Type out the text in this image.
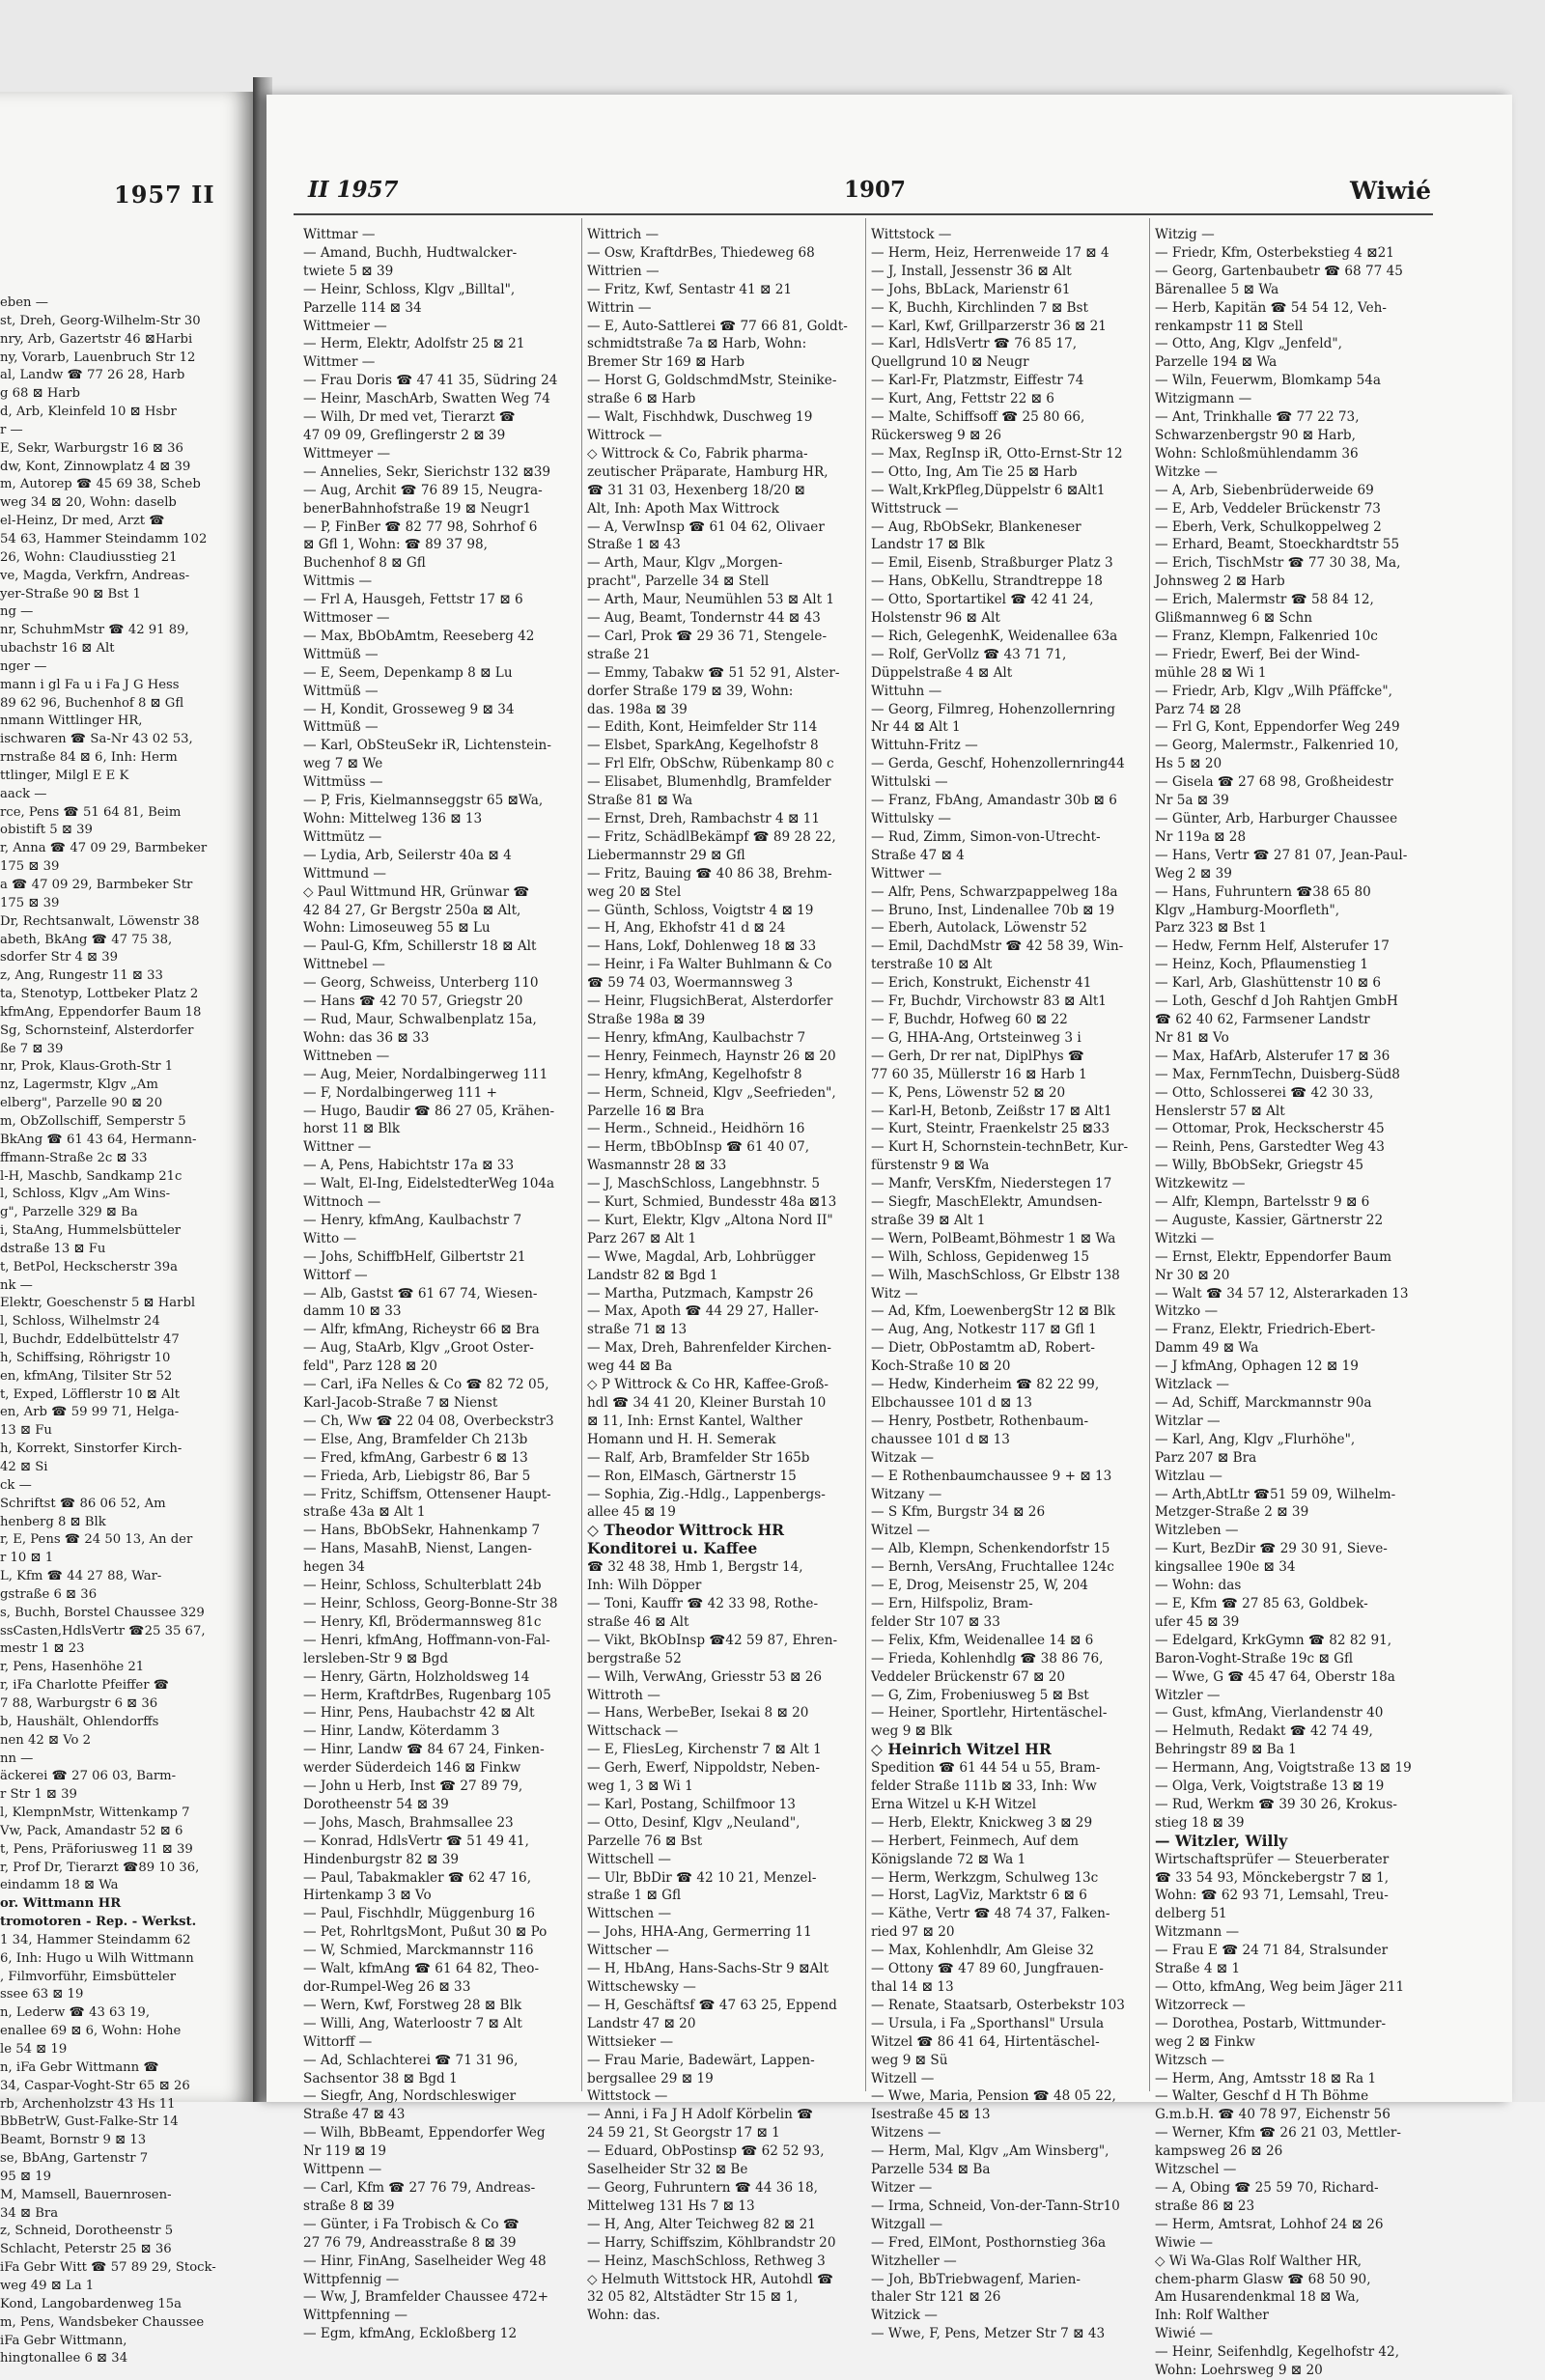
1957 II
eben —
st, Dreh, Georg-Wilhelm-Str 30
nry, Arb, Gazertstr 46 ⊠Harbi
ny, Vorarb, Lauenbruch Str 12
al, Landw ☎ 77 26 28, Harb
g 68 ⊠ Harb
d, Arb, Kleinfeld 10 ⊠ Hsbr
r —
E, Sekr, Warburgstr 16 ⊠ 36
dw, Kont, Zinnowplatz 4 ⊠ 39
m, Autorep ☎ 45 69 38, Scheb
weg 34 ⊠ 20, Wohn: daselb
el-Heinz, Dr med, Arzt ☎
54 63, Hammer Steindamm 102
26, Wohn: Claudiusstieg 21
ve, Magda, Verkfrn, Andreas-
yer-Straße 90 ⊠ Bst 1
ng —
nr, SchuhmMstr ☎ 42 91 89,
ubachstr 16 ⊠ Alt
nger —
mann i gl Fa u i Fa J G Hess
89 62 96, Buchenhof 8 ⊠ Gfl
nmann Wittlinger HR,
ischwaren ☎ Sa-Nr 43 02 53,
rnstraße 84 ⊠ 6, Inh: Herm
ttlinger, Milgl E E K
aack —
rce, Pens ☎ 51 64 81, Beim
obistift 5 ⊠ 39
r, Anna ☎ 47 09 29, Barmbeker
175 ⊠ 39
a ☎ 47 09 29, Barmbeker Str
175 ⊠ 39
Dr, Rechtsanwalt, Löwenstr 38
abeth, BkAng ☎ 47 75 38,
sdorfer Str 4 ⊠ 39
z, Ang, Rungestr 11 ⊠ 33
ta, Stenotyp, Lottbeker Platz 2
kfmAng, Eppendorfer Baum 18
Sg, Schornsteinf, Alsterdorfer
ße 7 ⊠ 39
nr, Prok, Klaus-Groth-Str 1
nz, Lagermstr, Klgv „Am
elberg", Parzelle 90 ⊠ 20
m, ObZollschiff, Semperstr 5
BkAng ☎ 61 43 64, Hermann-
ffmann-Straße 2c ⊠ 33
l-H, Maschb, Sandkamp 21c
l, Schloss, Klgv „Am Wins-
g", Parzelle 329 ⊠ Ba
i, StaAng, Hummelsbütteler
dstraße 13 ⊠ Fu
t, BetPol, Heckscherstr 39a
nk —
Elektr, Goeschenstr 5 ⊠ Harbl
l, Schloss, Wilhelmstr 24
l, Buchdr, Eddelbüttelstr 47
h, Schiffsing, Röhrigstr 10
en, kfmAng, Tilsiter Str 52
t, Exped, Löfflerstr 10 ⊠ Alt
en, Arb ☎ 59 99 71, Helga-
13 ⊠ Fu
h, Korrekt, Sinstorfer Kirch-
42 ⊠ Si
ck —
Schriftst ☎ 86 06 52, Am
henberg 8 ⊠ Blk
r, E, Pens ☎ 24 50 13, An der
r 10 ⊠ 1
L, Kfm ☎ 44 27 88, War-
gstraße 6 ⊠ 36
s, Buchh, Borstel Chaussee 329
ssCasten,HdlsVertr ☎25 35 67,
mestr 1 ⊠ 23
r, Pens, Hasenhöhe 21
r, iFa Charlotte Pfeiffer ☎
7 88, Warburgstr 6 ⊠ 36
b, Haushält, Ohlendorffs
nen 42 ⊠ Vo 2
nn —
äckerei ☎ 27 06 03, Barm-
r Str 1 ⊠ 39
l, KlempnMstr, Wittenkamp 7
Vw, Pack, Amandastr 52 ⊠ 6
t, Pens, Präforiusweg 11 ⊠ 39
r, Prof Dr, Tierarzt ☎89 10 36,
eindamm 18 ⊠ Wa
or. Wittmann HR
tromotoren - Rep. - Werkst.
1 34, Hammer Steindamm 62
6, Inh: Hugo u Wilh Wittmann
, Filmvorführ, Eimsbütteler
ssee 63 ⊠ 19
n, Lederw ☎ 43 63 19,
enallee 69 ⊠ 6, Wohn: Hohe
le 54 ⊠ 19
n, iFa Gebr Wittmann ☎
34, Caspar-Voght-Str 65 ⊠ 26
rb, Archenholzstr 43 Hs 11
BbBetrW, Gust-Falke-Str 14
Beamt, Bornstr 9 ⊠ 13
se, BbAng, Gartenstr 7
95 ⊠ 19
M, Mamsell, Bauernrosen-
34 ⊠ Bra
z, Schneid, Dorotheenstr 5
Schlacht, Peterstr 25 ⊠ 36
iFa Gebr Witt ☎ 57 89 29, Stock-
weg 49 ⊠ La 1
Kond, Langobardenweg 15a
m, Pens, Wandsbeker Chaussee
iFa Gebr Wittmann,
hingtonallee 6 ⊠ 34
II 1957	1907	Wiwié
Wittmar —
— Amand, Buchh, Hudtwalcker-
twiete 5 ⊠ 39
— Heinr, Schloss, Klgv „Billtal",
Parzelle 114 ⊠ 34
Wittmeier —
— Herm, Elektr, Adolfstr 25 ⊠ 21
Wittmer —
— Frau Doris ☎ 47 41 35, Südring 24
— Heinr, MaschArb, Swatten Weg 74
— Wilh, Dr med vet, Tierarzt ☎
47 09 09, Greflingerstr 2 ⊠ 39
Wittmeyer —
— Annelies, Sekr, Sierichstr 132 ⊠39
— Aug, Archit ☎ 76 89 15, Neugra-
benerBahnhofstraße 19 ⊠ Neugr1
— P, FinBer ☎ 82 77 98, Sohrhof 6
⊠ Gfl 1, Wohn: ☎ 89 37 98,
Buchenhof 8 ⊠ Gfl
Wittmis —
— Frl A, Hausgeh, Fettstr 17 ⊠ 6
Wittmoser —
— Max, BbObAmtm, Reeseberg 42
Wittmüß —
— E, Seem, Depenkamp 8 ⊠ Lu
Wittmüß —
— H, Kondit, Grosseweg 9 ⊠ 34
Wittmüß —
— Karl, ObSteuSekr iR, Lichtenstein-
weg 7 ⊠ We
Wittmüss —
— P, Fris, Kielmannseggstr 65 ⊠Wa,
Wohn: Mittelweg 136 ⊠ 13
Wittmütz —
— Lydia, Arb, Seilerstr 40a ⊠ 4
Wittmund —
◇ Paul Wittmund HR, Grünwar ☎
42 84 27, Gr Bergstr 250a ⊠ Alt,
Wohn: Limoseuweg 55 ⊠ Lu
— Paul-G, Kfm, Schillerstr 18 ⊠ Alt
Wittnebel —
— Georg, Schweiss, Unterberg 110
— Hans ☎ 42 70 57, Griegstr 20
— Rud, Maur, Schwalbenplatz 15a,
Wohn: das 36 ⊠ 33
Wittneben —
— Aug, Meier, Nordalbingerweg 111
— F, Nordalbingerweg 111 +
— Hugo, Baudir ☎ 86 27 05, Krähen-
horst 11 ⊠ Blk
Wittner —
— A, Pens, Habichtstr 17a ⊠ 33
— Walt, El-Ing, EidelstedterWeg 104a
Wittnoch —
— Henry, kfmAng, Kaulbachstr 7
Witto —
— Johs, SchiffbHelf, Gilbertstr 21
Wittorf —
— Alb, Gastst ☎ 61 67 74, Wiesen-
damm 10 ⊠ 33
— Alfr, kfmAng, Richeystr 66 ⊠ Bra
— Aug, StaArb, Klgv „Groot Oster-
feld", Parz 128 ⊠ 20
— Carl, iFa Nelles & Co ☎ 82 72 05,
Karl-Jacob-Straße 7 ⊠ Nienst
— Ch, Ww ☎ 22 04 08, Overbeckstr3
— Else, Ang, Bramfelder Ch 213b
— Fred, kfmAng, Garbestr 6 ⊠ 13
— Frieda, Arb, Liebigstr 86, Bar 5
— Fritz, Schiffsm, Ottensener Haupt-
straße 43a ⊠ Alt 1
— Hans, BbObSekr, Hahnenkamp 7
— Hans, MasahB, Nienst, Langen-
hegen 34
— Heinr, Schloss, Schulterblatt 24b
— Heinr, Schloss, Georg-Bonne-Str 38
— Henry, Kfl, Brödermannsweg 81c
— Henri, kfmAng, Hoffmann-von-Fal-
lersleben-Str 9 ⊠ Bgd
— Henry, Gärtn, Holzholdsweg 14
— Herm, KraftdrBes, Rugenbarg 105
— Hinr, Pens, Haubachstr 42 ⊠ Alt
— Hinr, Landw, Köterdamm 3
— Hinr, Landw ☎ 84 67 24, Finken-
werder Süderdeich 146 ⊠ Finkw
— John u Herb, Inst ☎ 27 89 79,
Dorotheenstr 54 ⊠ 39
— Johs, Masch, Brahmsallee 23
— Konrad, HdlsVertr ☎ 51 49 41,
Hindenburgstr 82 ⊠ 39
— Paul, Tabakmakler ☎ 62 47 16,
Hirtenkamp 3 ⊠ Vo
— Paul, Fischhdlr, Müggenburg 16
— Pet, RohrltgsMont, Pußut 30 ⊠ Po
— W, Schmied, Marckmannstr 116
— Walt, kfmAng ☎ 61 64 82, Theo-
dor-Rumpel-Weg 26 ⊠ 33
— Wern, Kwf, Forstweg 28 ⊠ Blk
— Willi, Ang, Waterloostr 7 ⊠ Alt
Wittorff —
— Ad, Schlachterei ☎ 71 31 96,
Sachsentor 38 ⊠ Bgd 1
— Siegfr, Ang, Nordschleswiger
Straße 47 ⊠ 43
— Wilh, BbBeamt, Eppendorfer Weg
Nr 119 ⊠ 19
Wittpenn —
— Carl, Kfm ☎ 27 76 79, Andreas-
straße 8 ⊠ 39
— Günter, i Fa Trobisch & Co ☎
27 76 79, Andreasstraße 8 ⊠ 39
— Hinr, FinAng, Saselheider Weg 48
Wittpfennig —
— Ww, J, Bramfelder Chaussee 472+
Wittpfenning —
— Egm, kfmAng, Eckloßberg 12
Wittrich —
— Osw, KraftdrBes, Thiedeweg 68
Wittrien —
— Fritz, Kwf, Sentastr 41 ⊠ 21
Wittrin —
— E, Auto-Sattlerei ☎ 77 66 81, Goldt-
schmidtstraße 7a ⊠ Harb, Wohn:
Bremer Str 169 ⊠ Harb
— Horst G, GoldschmdMstr, Steinike-
straße 6 ⊠ Harb
— Walt, Fischhdwk, Duschweg 19
Wittrock —
◇ Wittrock & Co, Fabrik pharma-
zeutischer Präparate, Hamburg HR,
☎ 31 31 03, Hexenberg 18/20 ⊠
Alt, Inh: Apoth Max Wittrock
— A, VerwInsp ☎ 61 04 62, Olivaer
Straße 1 ⊠ 43
— Arth, Maur, Klgv „Morgen-
pracht", Parzelle 34 ⊠ Stell
— Arth, Maur, Neumühlen 53 ⊠ Alt 1
— Aug, Beamt, Tondernstr 44 ⊠ 43
— Carl, Prok ☎ 29 36 71, Stengele-
straße 21
— Emmy, Tabakw ☎ 51 52 91, Alster-
dorfer Straße 179 ⊠ 39, Wohn:
das. 198a ⊠ 39
— Edith, Kont, Heimfelder Str 114
— Elsbet, SparkAng, Kegelhofstr 8
— Frl Elfr, ObSchw, Rübenkamp 80 c
— Elisabet, Blumenhdlg, Bramfelder
Straße 81 ⊠ Wa
— Ernst, Dreh, Rambachstr 4 ⊠ 11
— Fritz, SchädlBekämpf ☎ 89 28 22,
Liebermannstr 29 ⊠ Gfl
— Fritz, Bauing ☎ 40 86 38, Brehm-
weg 20 ⊠ Stel
— Günth, Schloss, Voigtstr 4 ⊠ 19
— H, Ang, Ekhofstr 41 d ⊠ 24
— Hans, Lokf, Dohlenweg 18 ⊠ 33
— Heinr, i Fa Walter Buhlmann & Co
☎ 59 74 03, Woermannsweg 3
— Heinr, FlugsichBerat, Alsterdorfer
Straße 198a ⊠ 39
— Henry, kfmAng, Kaulbachstr 7
— Henry, Feinmech, Haynstr 26 ⊠ 20
— Henry, kfmAng, Kegelhofstr 8
— Herm, Schneid, Klgv „Seefrieden",
Parzelle 16 ⊠ Bra
— Herm., Schneid., Heidhörn 16
— Herm, tBbObInsp ☎ 61 40 07,
Wasmannstr 28 ⊠ 33
— J, MaschSchloss, Langebhnstr. 5
— Kurt, Schmied, Bundesstr 48a ⊠13
— Kurt, Elektr, Klgv „Altona Nord II"
Parz 267 ⊠ Alt 1
— Wwe, Magdal, Arb, Lohbrügger
Landstr 82 ⊠ Bgd 1
— Martha, Putzmach, Kampstr 26
— Max, Apoth ☎ 44 29 27, Haller-
straße 71 ⊠ 13
— Max, Dreh, Bahrenfelder Kirchen-
weg 44 ⊠ Ba
◇ P Wittrock & Co HR, Kaffee-Groß-
hdl ☎ 34 41 20, Kleiner Burstah 10
⊠ 11, Inh: Ernst Kantel, Walther
Homann und H. H. Semerak
— Ralf, Arb, Bramfelder Str 165b
— Ron, ElMasch, Gärtnerstr 15
— Sophia, Zig.-Hdlg., Lappenbergs-
allee 45 ⊠ 19
◇ Theodor Wittrock HR
Konditorei u. Kaffee
☎ 32 48 38, Hmb 1, Bergstr 14,
Inh: Wilh Döpper
— Toni, Kauffr ☎ 42 33 98, Rothe-
straße 46 ⊠ Alt
— Vikt, BkObInsp ☎42 59 87, Ehren-
bergstraße 52
— Wilh, VerwAng, Griesstr 53 ⊠ 26
Wittroth —
— Hans, WerbeBer, Isekai 8 ⊠ 20
Wittschack —
— E, FliesLeg, Kirchenstr 7 ⊠ Alt 1
— Gerh, Ewerf, Nippoldstr, Neben-
weg 1, 3 ⊠ Wi 1
— Karl, Postang, Schilfmoor 13
— Otto, Desinf, Klgv „Neuland",
Parzelle 76 ⊠ Bst
Wittschell —
— Ulr, BbDir ☎ 42 10 21, Menzel-
straße 1 ⊠ Gfl
Wittschen —
— Johs, HHA-Ang, Germerring 11
Wittscher —
— H, HbAng, Hans-Sachs-Str 9 ⊠Alt
Wittschewsky —
— H, Geschäftsf ☎ 47 63 25, Eppend
Landstr 47 ⊠ 20
Wittsieker —
— Frau Marie, Badewärt, Lappen-
bergsallee 29 ⊠ 19
Wittstock —
— Anni, i Fa J H Adolf Körbelin ☎
24 59 21, St Georgstr 17 ⊠ 1
— Eduard, ObPostinsp ☎ 62 52 93,
Saselheider Str 32 ⊠ Be
— Georg, Fuhruntern ☎ 44 36 18,
Mittelweg 131 Hs 7 ⊠ 13
— H, Ang, Alter Teichweg 82 ⊠ 21
— Harry, Schiffszim, Köhlbrandstr 20
— Heinz, MaschSchloss, Rethweg 3
◇ Helmuth Wittstock HR, Autohdl ☎
32 05 82, Altstädter Str 15 ⊠ 1,
Wohn: das.
Wittstock —
— Herm, Heiz, Herrenweide 17 ⊠ 4
— J, Install, Jessenstr 36 ⊠ Alt
— Johs, BbLack, Marienstr 61
— K, Buchh, Kirchlinden 7 ⊠ Bst
— Karl, Kwf, Grillparzerstr 36 ⊠ 21
— Karl, HdlsVertr ☎ 76 85 17,
Quellgrund 10 ⊠ Neugr
— Karl-Fr, Platzmstr, Eiffestr 74
— Kurt, Ang, Fettstr 22 ⊠ 6
— Malte, Schiffsoff ☎ 25 80 66,
Rückersweg 9 ⊠ 26
— Max, RegInsp iR, Otto-Ernst-Str 12
— Otto, Ing, Am Tie 25 ⊠ Harb
— Walt,KrkPfleg,Düppelstr 6 ⊠Alt1
Wittstruck —
— Aug, RbObSekr, Blankeneser
Landstr 17 ⊠ Blk
— Emil, Eisenb, Straßburger Platz 3
— Hans, ObKellu, Strandtreppe 18
— Otto, Sportartikel ☎ 42 41 24,
Holstenstr 96 ⊠ Alt
— Rich, GelegenhK, Weidenallee 63a
— Rolf, GerVollz ☎ 43 71 71,
Düppelstraße 4 ⊠ Alt
Wittuhn —
— Georg, Filmreg, Hohenzollernring
Nr 44 ⊠ Alt 1
Wittuhn-Fritz —
— Gerda, Geschf, Hohenzollernring44
Wittulski —
— Franz, FbAng, Amandastr 30b ⊠ 6
Wittulsky —
— Rud, Zimm, Simon-von-Utrecht-
Straße 47 ⊠ 4
Wittwer —
— Alfr, Pens, Schwarzpappelweg 18a
— Bruno, Inst, Lindenallee 70b ⊠ 19
— Eberh, Autolack, Löwenstr 52
— Emil, DachdMstr ☎ 42 58 39, Win-
terstraße 10 ⊠ Alt
— Erich, Konstrukt, Eichenstr 41
— Fr, Buchdr, Virchowstr 83 ⊠ Alt1
— F, Buchdr, Hofweg 60 ⊠ 22
— G, HHA-Ang, Ortsteinweg 3 i
— Gerh, Dr rer nat, DiplPhys ☎
77 60 35, Müllerstr 16 ⊠ Harb 1
— K, Pens, Löwenstr 52 ⊠ 20
— Karl-H, Betonb, Zeißstr 17 ⊠ Alt1
— Kurt, Steintr, Fraenkelstr 25 ⊠33
— Kurt H, Schornstein-technBetr, Kur-
fürstenstr 9 ⊠ Wa
— Manfr, VersKfm, Niederstegen 17
— Siegfr, MaschElektr, Amundsen-
straße 39 ⊠ Alt 1
— Wern, PolBeamt,Böhmestr 1 ⊠ Wa
— Wilh, Schloss, Gepidenweg 15
— Wilh, MaschSchloss, Gr Elbstr 138
Witz —
— Ad, Kfm, LoewenbergStr 12 ⊠ Blk
— Aug, Ang, Notkestr 117 ⊠ Gfl 1
— Dietr, ObPostamtm aD, Robert-
Koch-Straße 10 ⊠ 20
— Hedw, Kinderheim ☎ 82 22 99,
Elbchaussee 101 d ⊠ 13
— Henry, Postbetr, Rothenbaum-
chaussee 101 d ⊠ 13
Witzak —
— E Rothenbaumchaussee 9 + ⊠ 13
Witzany —
— S Kfm, Burgstr 34 ⊠ 26
Witzel —
— Alb, Klempn, Schenkendorfstr 15
— Bernh, VersAng, Fruchtallee 124c
— E, Drog, Meisenstr 25, W, 204
— Ern, Hilfspoliz, Bram-
felder Str 107 ⊠ 33
— Felix, Kfm, Weidenallee 14 ⊠ 6
— Frieda, Kohlenhdlg ☎ 38 86 76,
Veddeler Brückenstr 67 ⊠ 20
— G, Zim, Frobeniusweg 5 ⊠ Bst
— Heiner, Sportlehr, Hirtentäschel-
weg 9 ⊠ Blk
◇ Heinrich Witzel HR
Spedition ☎ 61 44 54 u 55, Bram-
felder Straße 111b ⊠ 33, Inh: Ww
Erna Witzel u K-H Witzel
— Herb, Elektr, Knickweg 3 ⊠ 29
— Herbert, Feinmech, Auf dem
Königslande 72 ⊠ Wa 1
— Herm, Werkzgm, Schulweg 13c
— Horst, LagViz, Marktstr 6 ⊠ 6
— Käthe, Vertr ☎ 48 74 37, Falken-
ried 97 ⊠ 20
— Max, Kohlenhdlr, Am Gleise 32
— Ottony ☎ 47 89 60, Jungfrauen-
thal 14 ⊠ 13
— Renate, Staatsarb, Osterbekstr 103
— Ursula, i Fa „Sporthansl" Ursula
Witzel ☎ 86 41 64, Hirtentäschel-
weg 9 ⊠ Sü
Witzell —
— Wwe, Maria, Pension ☎ 48 05 22,
Isestraße 45 ⊠ 13
Witzens —
— Herm, Mal, Klgv „Am Winsberg",
Parzelle 534 ⊠ Ba
Witzer —
— Irma, Schneid, Von-der-Tann-Str10
Witzgall —
— Fred, ElMont, Posthornstieg 36a
Witzheller —
— Joh, BbTriebwagenf, Marien-
thaler Str 121 ⊠ 26
Witzick —
— Wwe, F, Pens, Metzer Str 7 ⊠ 43
Witzig —
— Friedr, Kfm, Osterbekstieg 4 ⊠21
— Georg, Gartenbaubetr ☎ 68 77 45
Bärenallee 5 ⊠ Wa
— Herb, Kapitän ☎ 54 54 12, Veh-
renkampstr 11 ⊠ Stell
— Otto, Ang, Klgv „Jenfeld",
Parzelle 194 ⊠ Wa
— Wiln, Feuerwm, Blomkamp 54a
Witzigmann —
— Ant, Trinkhalle ☎ 77 22 73,
Schwarzenbergstr 90 ⊠ Harb,
Wohn: Schloßmühlendamm 36
Witzke —
— A, Arb, Siebenbrüderweide 69
— E, Arb, Veddeler Brückenstr 73
— Eberh, Verk, Schulkoppelweg 2
— Erhard, Beamt, Stoeckhardtstr 55
— Erich, TischMstr ☎ 77 30 38, Ma,
Johnsweg 2 ⊠ Harb
— Erich, Malermstr ☎ 58 84 12,
Glißmannweg 6 ⊠ Schn
— Franz, Klempn, Falkenried 10c
— Friedr, Ewerf, Bei der Wind-
mühle 28 ⊠ Wi 1
— Friedr, Arb, Klgv „Wilh Pfäffcke",
Parz 74 ⊠ 28
— Frl G, Kont, Eppendorfer Weg 249
— Georg, Malermstr., Falkenried 10,
Hs 5 ⊠ 20
— Gisela ☎ 27 68 98, Großheidestr
Nr 5a ⊠ 39
— Günter, Arb, Harburger Chaussee
Nr 119a ⊠ 28
— Hans, Vertr ☎ 27 81 07, Jean-Paul-
Weg 2 ⊠ 39
— Hans, Fuhruntern ☎38 65 80
Klgv „Hamburg-Moorfleth",
Parz 323 ⊠ Bst 1
— Hedw, Fernm Helf, Alsterufer 17
— Heinz, Koch, Pflaumenstieg 1
— Karl, Arb, Glashüttenstr 10 ⊠ 6
— Loth, Geschf d Joh Rahtjen GmbH
☎ 62 40 62, Farmsener Landstr
Nr 81 ⊠ Vo
— Max, HafArb, Alsterufer 17 ⊠ 36
— Max, FernmTechn, Duisberg-Süd8
— Otto, Schlosserei ☎ 42 30 33,
Henslerstr 57 ⊠ Alt
— Ottomar, Prok, Heckscherstr 45
— Reinh, Pens, Garstedter Weg 43
— Willy, BbObSekr, Griegstr 45
Witzkewitz —
— Alfr, Klempn, Bartelsstr 9 ⊠ 6
— Auguste, Kassier, Gärtnerstr 22
Witzki —
— Ernst, Elektr, Eppendorfer Baum
Nr 30 ⊠ 20
— Walt ☎ 34 57 12, Alsterarkaden 13
Witzko —
— Franz, Elektr, Friedrich-Ebert-
Damm 49 ⊠ Wa
— J kfmAng, Ophagen 12 ⊠ 19
Witzlack —
— Ad, Schiff, Marckmannstr 90a
Witzlar —
— Karl, Ang, Klgv „Flurhöhe",
Parz 207 ⊠ Bra
Witzlau —
— Arth,AbtLtr ☎51 59 09, Wilhelm-
Metzger-Straße 2 ⊠ 39
Witzleben —
— Kurt, BezDir ☎ 29 30 91, Sieve-
kingsallee 190e ⊠ 34
— Wohn: das
— E, Kfm ☎ 27 85 63, Goldbek-
ufer 45 ⊠ 39
— Edelgard, KrkGymn ☎ 82 82 91,
Baron-Voght-Straße 19c ⊠ Gfl
— Wwe, G ☎ 45 47 64, Oberstr 18a
Witzler —
— Gust, kfmAng, Vierlandenstr 40
— Helmuth, Redakt ☎ 42 74 49,
Behringstr 89 ⊠ Ba 1
— Hermann, Ang, Voigtstraße 13 ⊠ 19
— Olga, Verk, Voigtstraße 13 ⊠ 19
— Rud, Werkm ☎ 39 30 26, Krokus-
stieg 18 ⊠ 39
— Witzler, Willy
Wirtschaftsprüfer — Steuerberater
☎ 33 54 93, Mönckebergstr 7 ⊠ 1,
Wohn: ☎ 62 93 71, Lemsahl, Treu-
delberg 51
Witzmann —
— Frau E ☎ 24 71 84, Stralsunder
Straße 4 ⊠ 1
— Otto, kfmAng, Weg beim Jäger 211
Witzorreck —
— Dorothea, Postarb, Wittmunder-
weg 2 ⊠ Finkw
Witzsch —
— Herm, Ang, Amtsstr 18 ⊠ Ra 1
— Walter, Geschf d H Th Böhme
G.m.b.H. ☎ 40 78 97, Eichenstr 56
— Werner, Kfm ☎ 26 21 03, Mettler-
kampsweg 26 ⊠ 26
Witzschel —
— A, Obing ☎ 25 59 70, Richard-
straße 86 ⊠ 23
— Herm, Amtsrat, Lohhof 24 ⊠ 26
Wiwie —
◇ Wi Wa-Glas Rolf Walther HR,
chem-pharm Glasw ☎ 68 50 90,
Am Husarendenkmal 18 ⊠ Wa,
Inh: Rolf Walther
Wiwié —
— Heinr, Seifenhdlg, Kegelhofstr 42,
Wohn: Loehrsweg 9 ⊠ 20
